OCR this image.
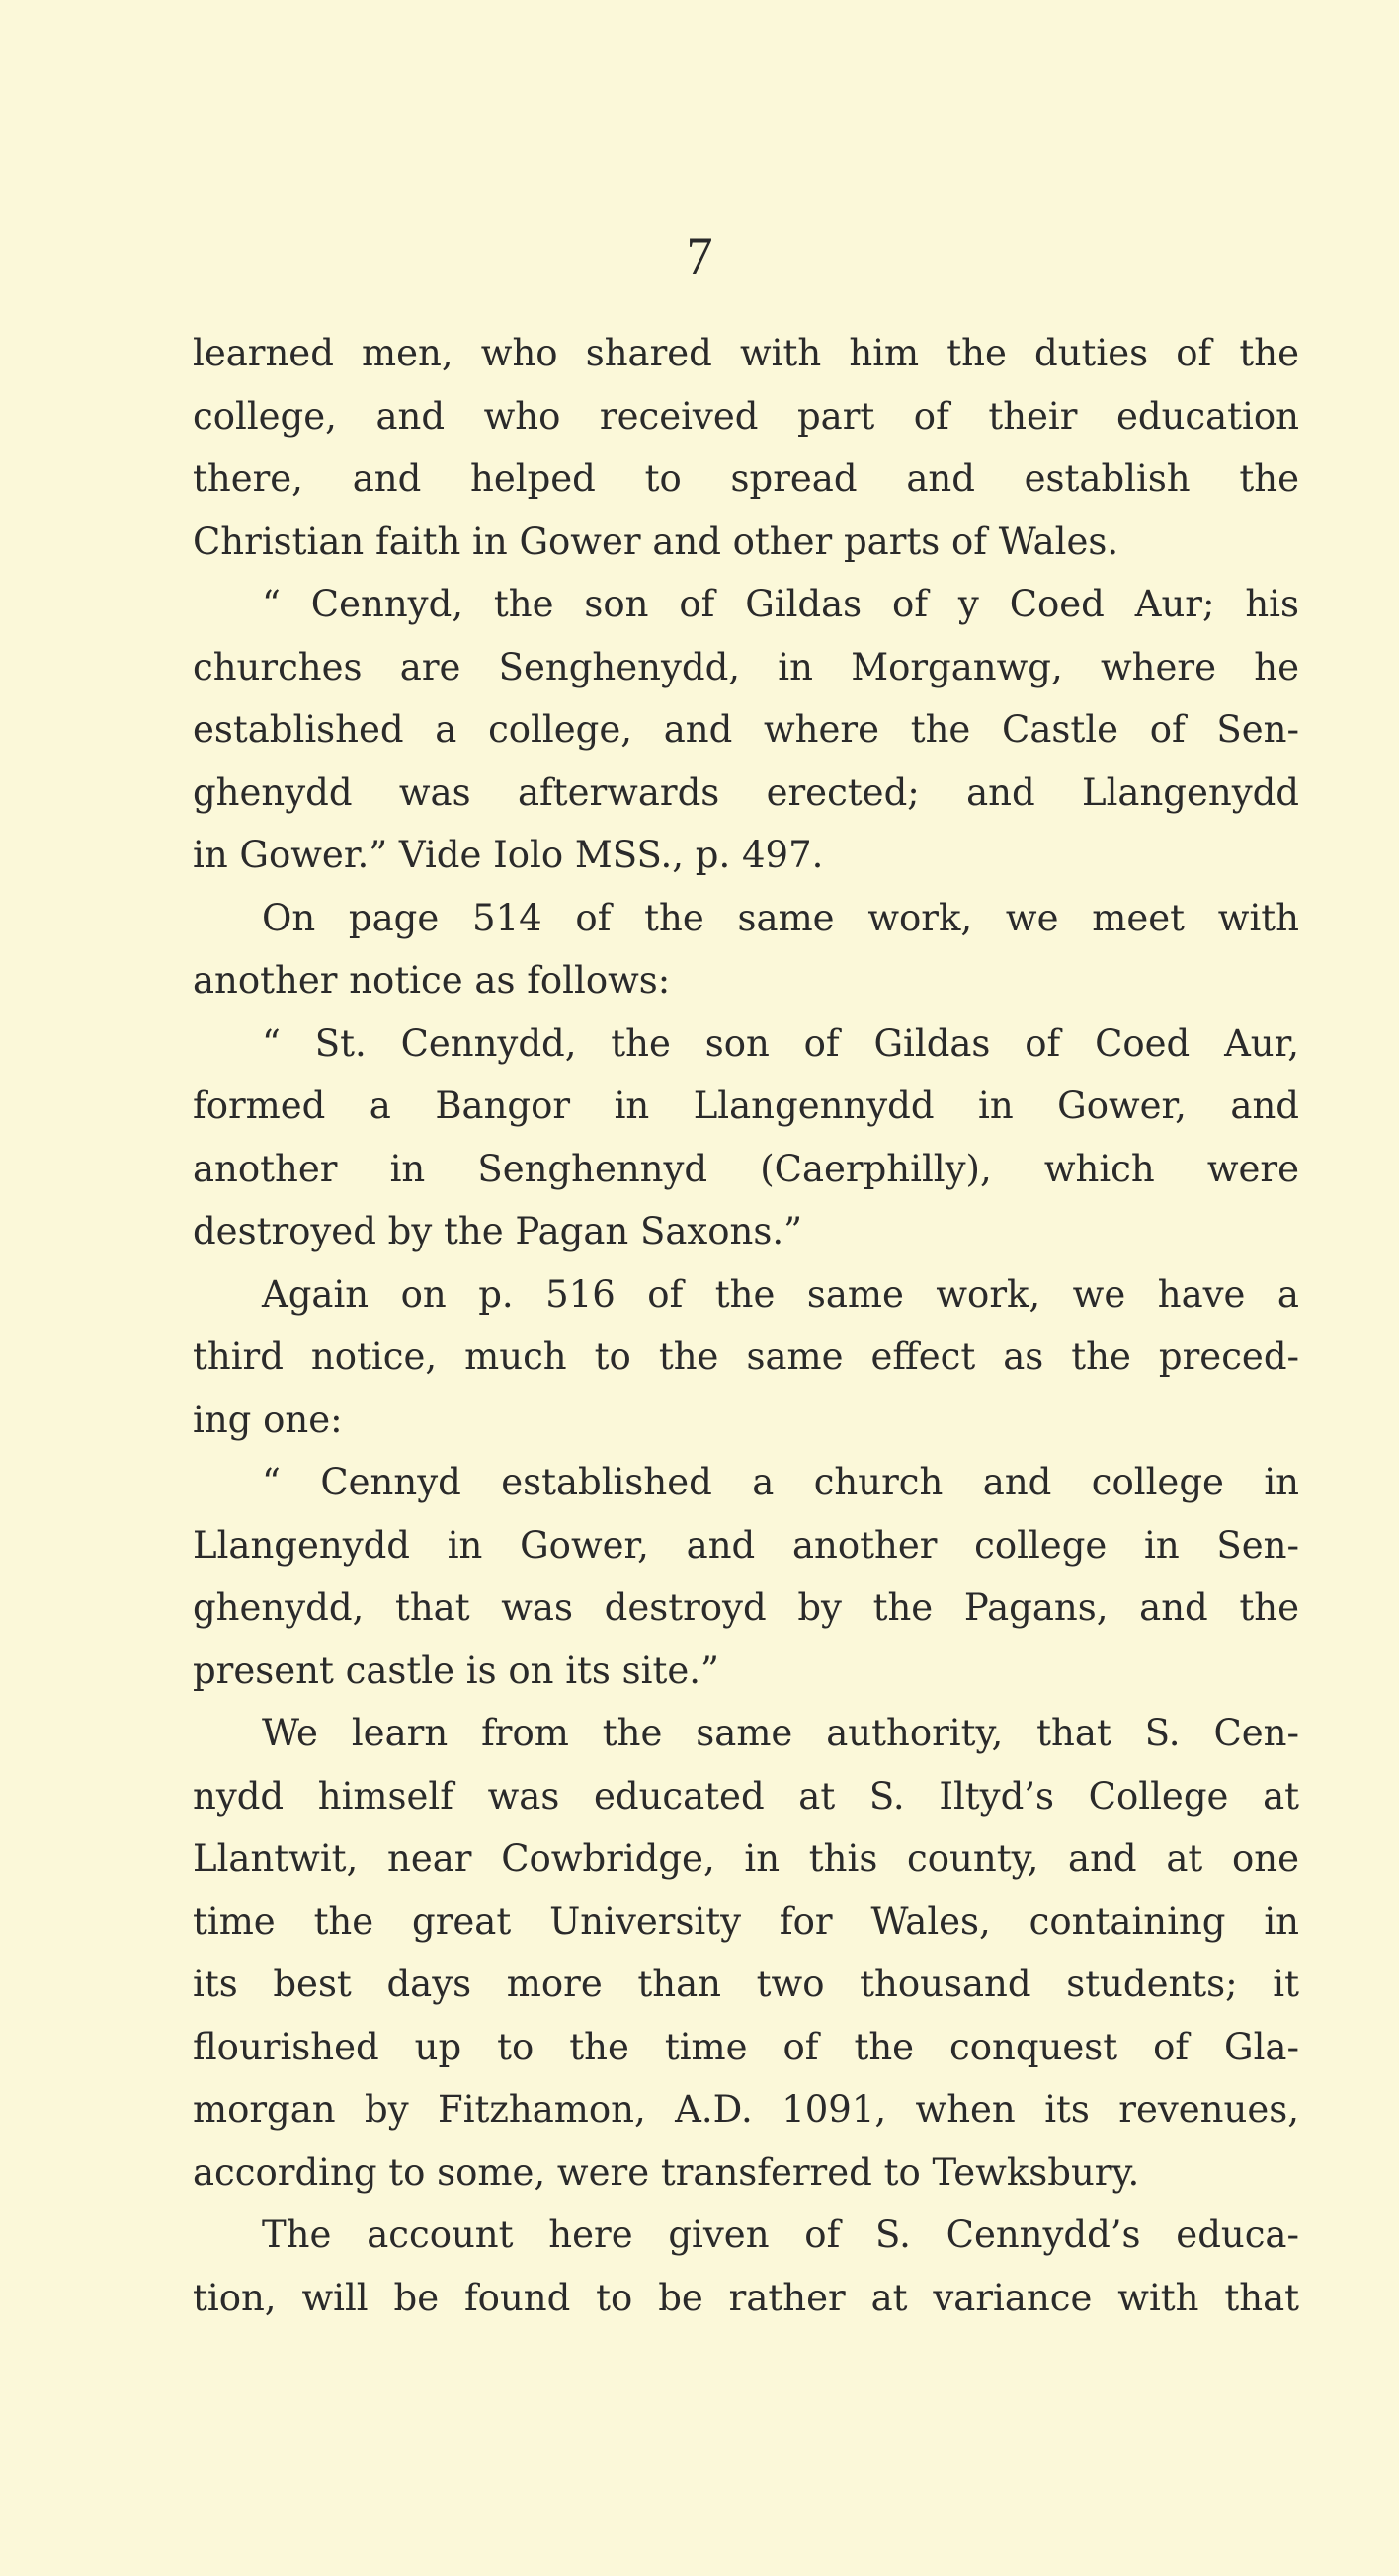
7
learned men, who shared with him the duties of the
college, and who received part of their education
there, and helped to spread and establish the
Christian faith in Gower and other parts of Wales.
“ Cennyd, the son of Gildas of y Coed Aur; his
churches are Senghenydd, in Morganwg, where he
established a college, and where the Castle of Sen-
ghenydd was afterwards erected; and Llangenydd
in Gower.” Vide Iolo MSS., p. 497.
On page 514 of the same work, we meet with
another notice as follows:
“ St. Cennydd, the son of Gildas of Coed Aur,
formed a Bangor in Llangennydd in Gower, and
another in Senghennyd (Caerphilly), which were
destroyed by the Pagan Saxons.”
Again on p. 516 of the same work, we have a
third notice, much to the same effect as the preced-
ing one:
“ Cennyd established a church and college in
Llangenydd in Gower, and another college in Sen-
ghenydd, that was destroyd by the Pagans, and the
present castle is on its site.”
We learn from the same authority, that S. Cen-
nydd himself was educated at S. Iltyd’s College at
Llantwit, near Cowbridge, in this county, and at one
time the great University for Wales, containing in
its best days more than two thousand students; it
flourished up to the time of the conquest of Gla-
morgan by Fitzhamon, A.D. 1091, when its revenues,
according to some, were transferred to Tewksbury.
The account here given of S. Cennydd’s educa-
tion, will be found to be rather at variance with that
